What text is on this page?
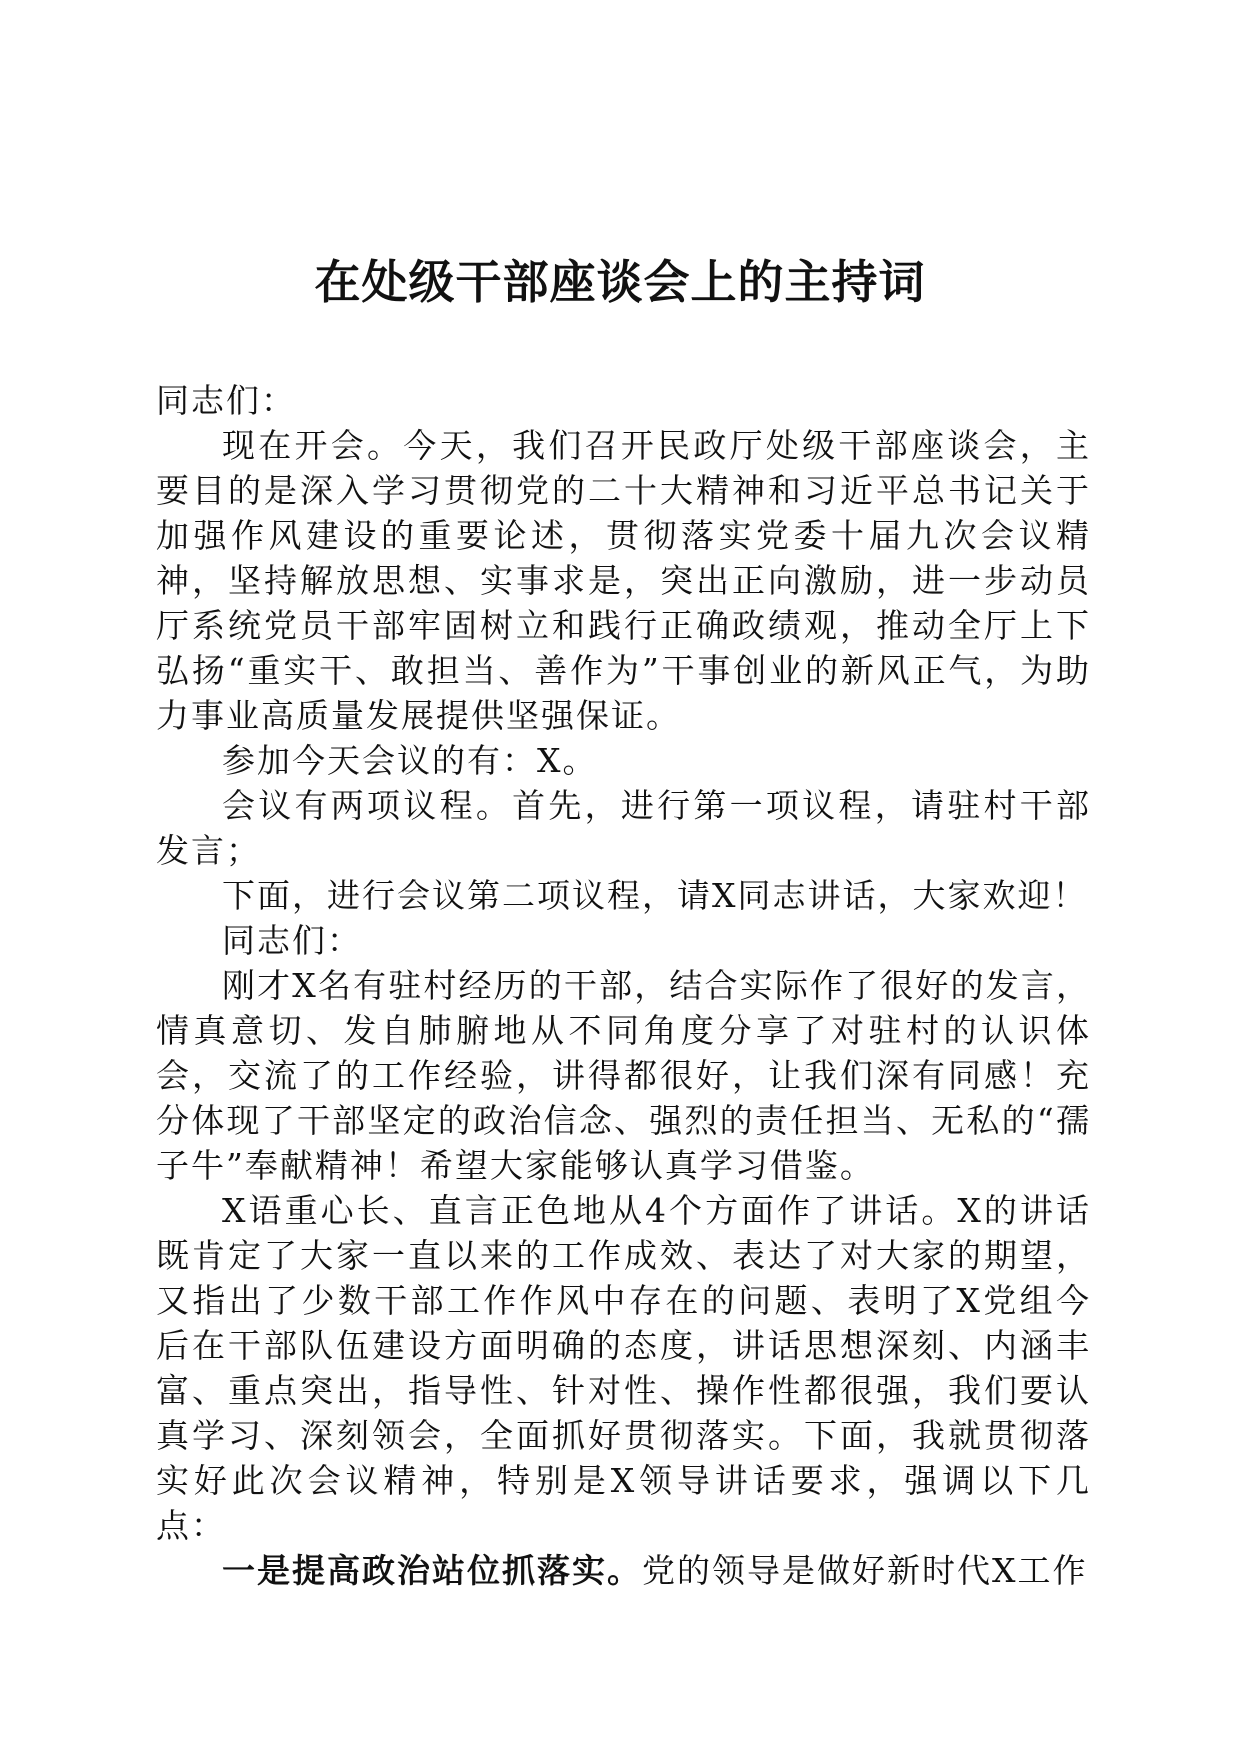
在处级干部座谈会上的主持词

同志们：

现在开会。今天，我们召开民政厅处级干部座谈会，主要目的是深入学习贯彻党的二十大精神和习近平总书记关于加强作风建设的重要论述，贯彻落实党委十届九次会议精神，坚持解放思想、实事求是，突出正向激励，进一步动员厅系统党员干部牢固树立和践行正确政绩观，推动全厅上下弘扬“重实干、敢担当、善作为”干事创业的新风正气，为助力事业高质量发展提供坚强保证。

参加今天会议的有：X。

会议有两项议程。首先，进行第一项议程，请驻村干部发言；

下面，进行会议第二项议程，请X同志讲话，大家欢迎！

同志们：

刚才X名有驻村经历的干部，结合实际作了很好的发言，情真意切、发自肺腑地从不同角度分享了对驻村的认识体会，交流了的工作经验，讲得都很好，让我们深有同感！充分体现了干部坚定的政治信念、强烈的责任担当、无私的“孺子牛”奉献精神！希望大家能够认真学习借鉴。

X语重心长、直言正色地从4个方面作了讲话。X的讲话既肯定了大家一直以来的工作成效、表达了对大家的期望，又指出了少数干部工作作风中存在的问题、表明了X党组今后在干部队伍建设方面明确的态度，讲话思想深刻、内涵丰富、重点突出，指导性、针对性、操作性都很强，我们要认真学习、深刻领会，全面抓好贯彻落实。下面，我就贯彻落实好此次会议精神，特别是X领导讲话要求，强调以下几点：

一是提高政治站位抓落实。党的领导是做好新时代X工作
